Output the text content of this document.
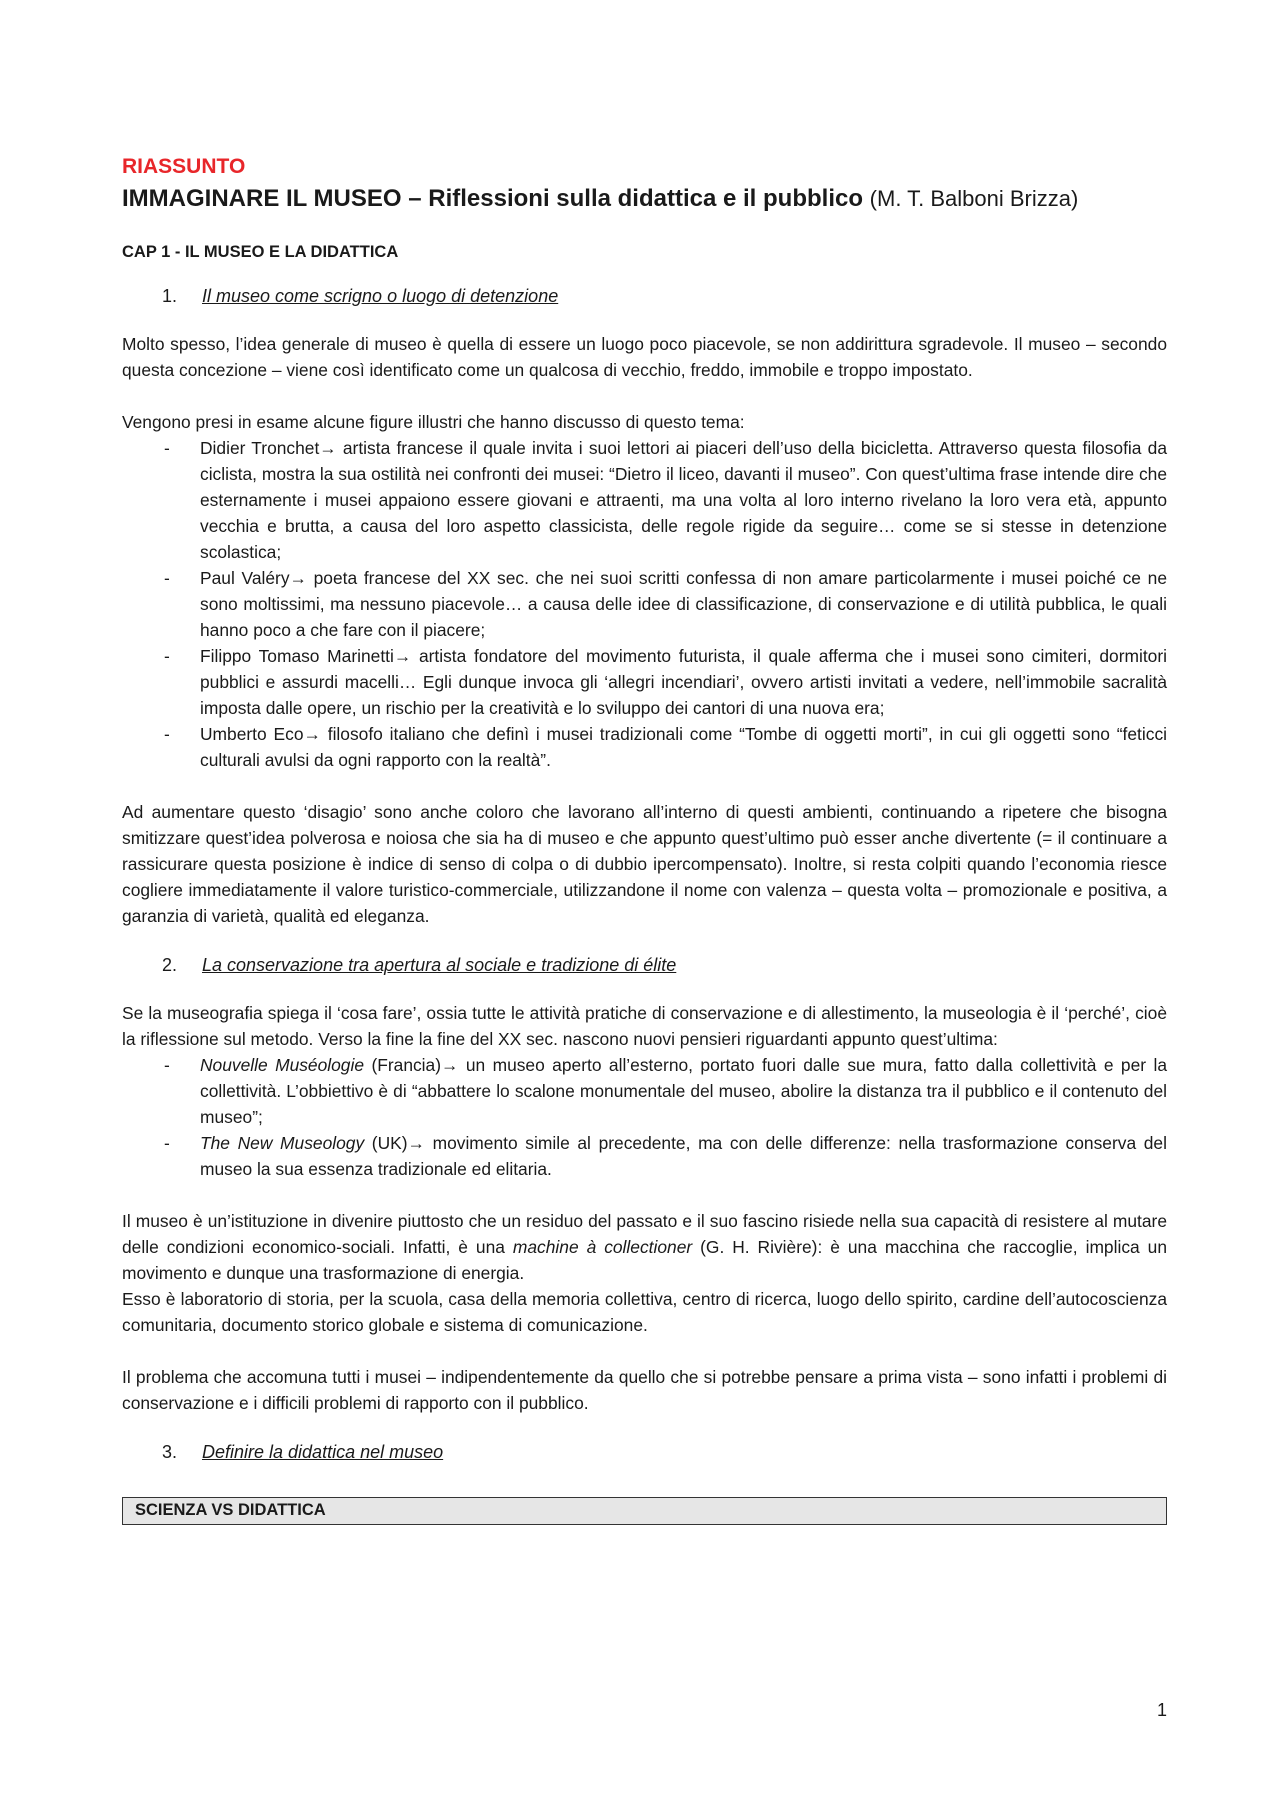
RIASSUNTO
IMMAGINARE IL MUSEO – Riflessioni sulla didattica e il pubblico (M. T. Balboni Brizza)
CAP 1 - IL MUSEO E LA DIDATTICA
1.	Il museo come scrigno o luogo di detenzione

Molto spesso, l’idea generale di museo è quella di essere un luogo poco piacevole, se non addirittura sgradevole. Il museo – secondo questa concezione – viene così identificato come un qualcosa di vecchio, freddo, immobile e troppo impostato.

Vengono presi in esame alcune figure illustri che hanno discusso di questo tema:

- Didier Tronchet→ artista francese il quale invita i suoi lettori ai piaceri dell’uso della bicicletta. Attraverso questa filosofia da ciclista, mostra la sua ostilità nei confronti dei musei: “Dietro il liceo, davanti il museo”. Con quest’ultima frase intende dire che esternamente i musei appaiono essere giovani e attraenti, ma una volta al loro interno rivelano la loro vera età, appunto vecchia e brutta, a causa del loro aspetto classicista, delle regole rigide da seguire… come se si stesse in detenzione scolastica;
- Paul Valéry→ poeta francese del XX sec. che nei suoi scritti confessa di non amare particolarmente i musei poiché ce ne sono moltissimi, ma nessuno piacevole… a causa delle idee di classificazione, di conservazione e di utilità pubblica, le quali hanno poco a che fare con il piacere;
- Filippo Tomaso Marinetti→ artista fondatore del movimento futurista, il quale afferma che i musei sono cimiteri, dormitori pubblici e assurdi macelli… Egli dunque invoca gli ‘allegri incendiari’, ovvero artisti invitati a vedere, nell’immobile sacralità imposta dalle opere, un rischio per la creatività e lo sviluppo dei cantori di una nuova era;
- Umberto Eco→ filosofo italiano che definì i musei tradizionali come “Tombe di oggetti morti”, in cui gli oggetti sono “feticci culturali avulsi da ogni rapporto con la realtà”.

Ad aumentare questo ‘disagio’ sono anche coloro che lavorano all’interno di questi ambienti, continuando a ripetere che bisogna smitizzare quest’idea polverosa e noiosa che sia ha di museo e che appunto quest’ultimo può esser anche divertente (= il continuare a rassicurare questa posizione è indice di senso di colpa o di dubbio ipercompensato). Inoltre, si resta colpiti quando l’economia riesce cogliere immediatamente il valore turistico-commerciale, utilizzandone il nome con valenza – questa volta – promozionale e positiva, a garanzia di varietà, qualità ed eleganza.

2.	La conservazione tra apertura al sociale e tradizione di élite

Se la museografia spiega il ‘cosa fare’, ossia tutte le attività pratiche di conservazione e di allestimento, la museologia è il ‘perché’, cioè la riflessione sul metodo. Verso la fine la fine del XX sec. nascono nuovi pensieri riguardanti appunto quest’ultima:

- Nouvelle Muséologie (Francia)→ un museo aperto all’esterno, portato fuori dalle sue mura, fatto dalla collettività e per la collettività. L’obbiettivo è di “abbattere lo scalone monumentale del museo, abolire la distanza tra il pubblico e il contenuto del museo”;
- The New Museology (UK)→ movimento simile al precedente, ma con delle differenze: nella trasformazione conserva del museo la sua essenza tradizionale ed elitaria.

Il museo è un’istituzione in divenire piuttosto che un residuo del passato e il suo fascino risiede nella sua capacità di resistere al mutare delle condizioni economico-sociali. Infatti, è una machine à collectioner (G. H. Rivière): è una macchina che raccoglie, implica un movimento e dunque una trasformazione di energia.

Esso è laboratorio di storia, per la scuola, casa della memoria collettiva, centro di ricerca, luogo dello spirito, cardine dell’autocoscienza comunitaria, documento storico globale e sistema di comunicazione.

Il problema che accomuna tutti i musei – indipendentemente da quello che si potrebbe pensare a prima vista – sono infatti i problemi di conservazione e i difficili problemi di rapporto con il pubblico.

3.	Definire la didattica nel museo
SCIENZA VS DIDATTICA
1
